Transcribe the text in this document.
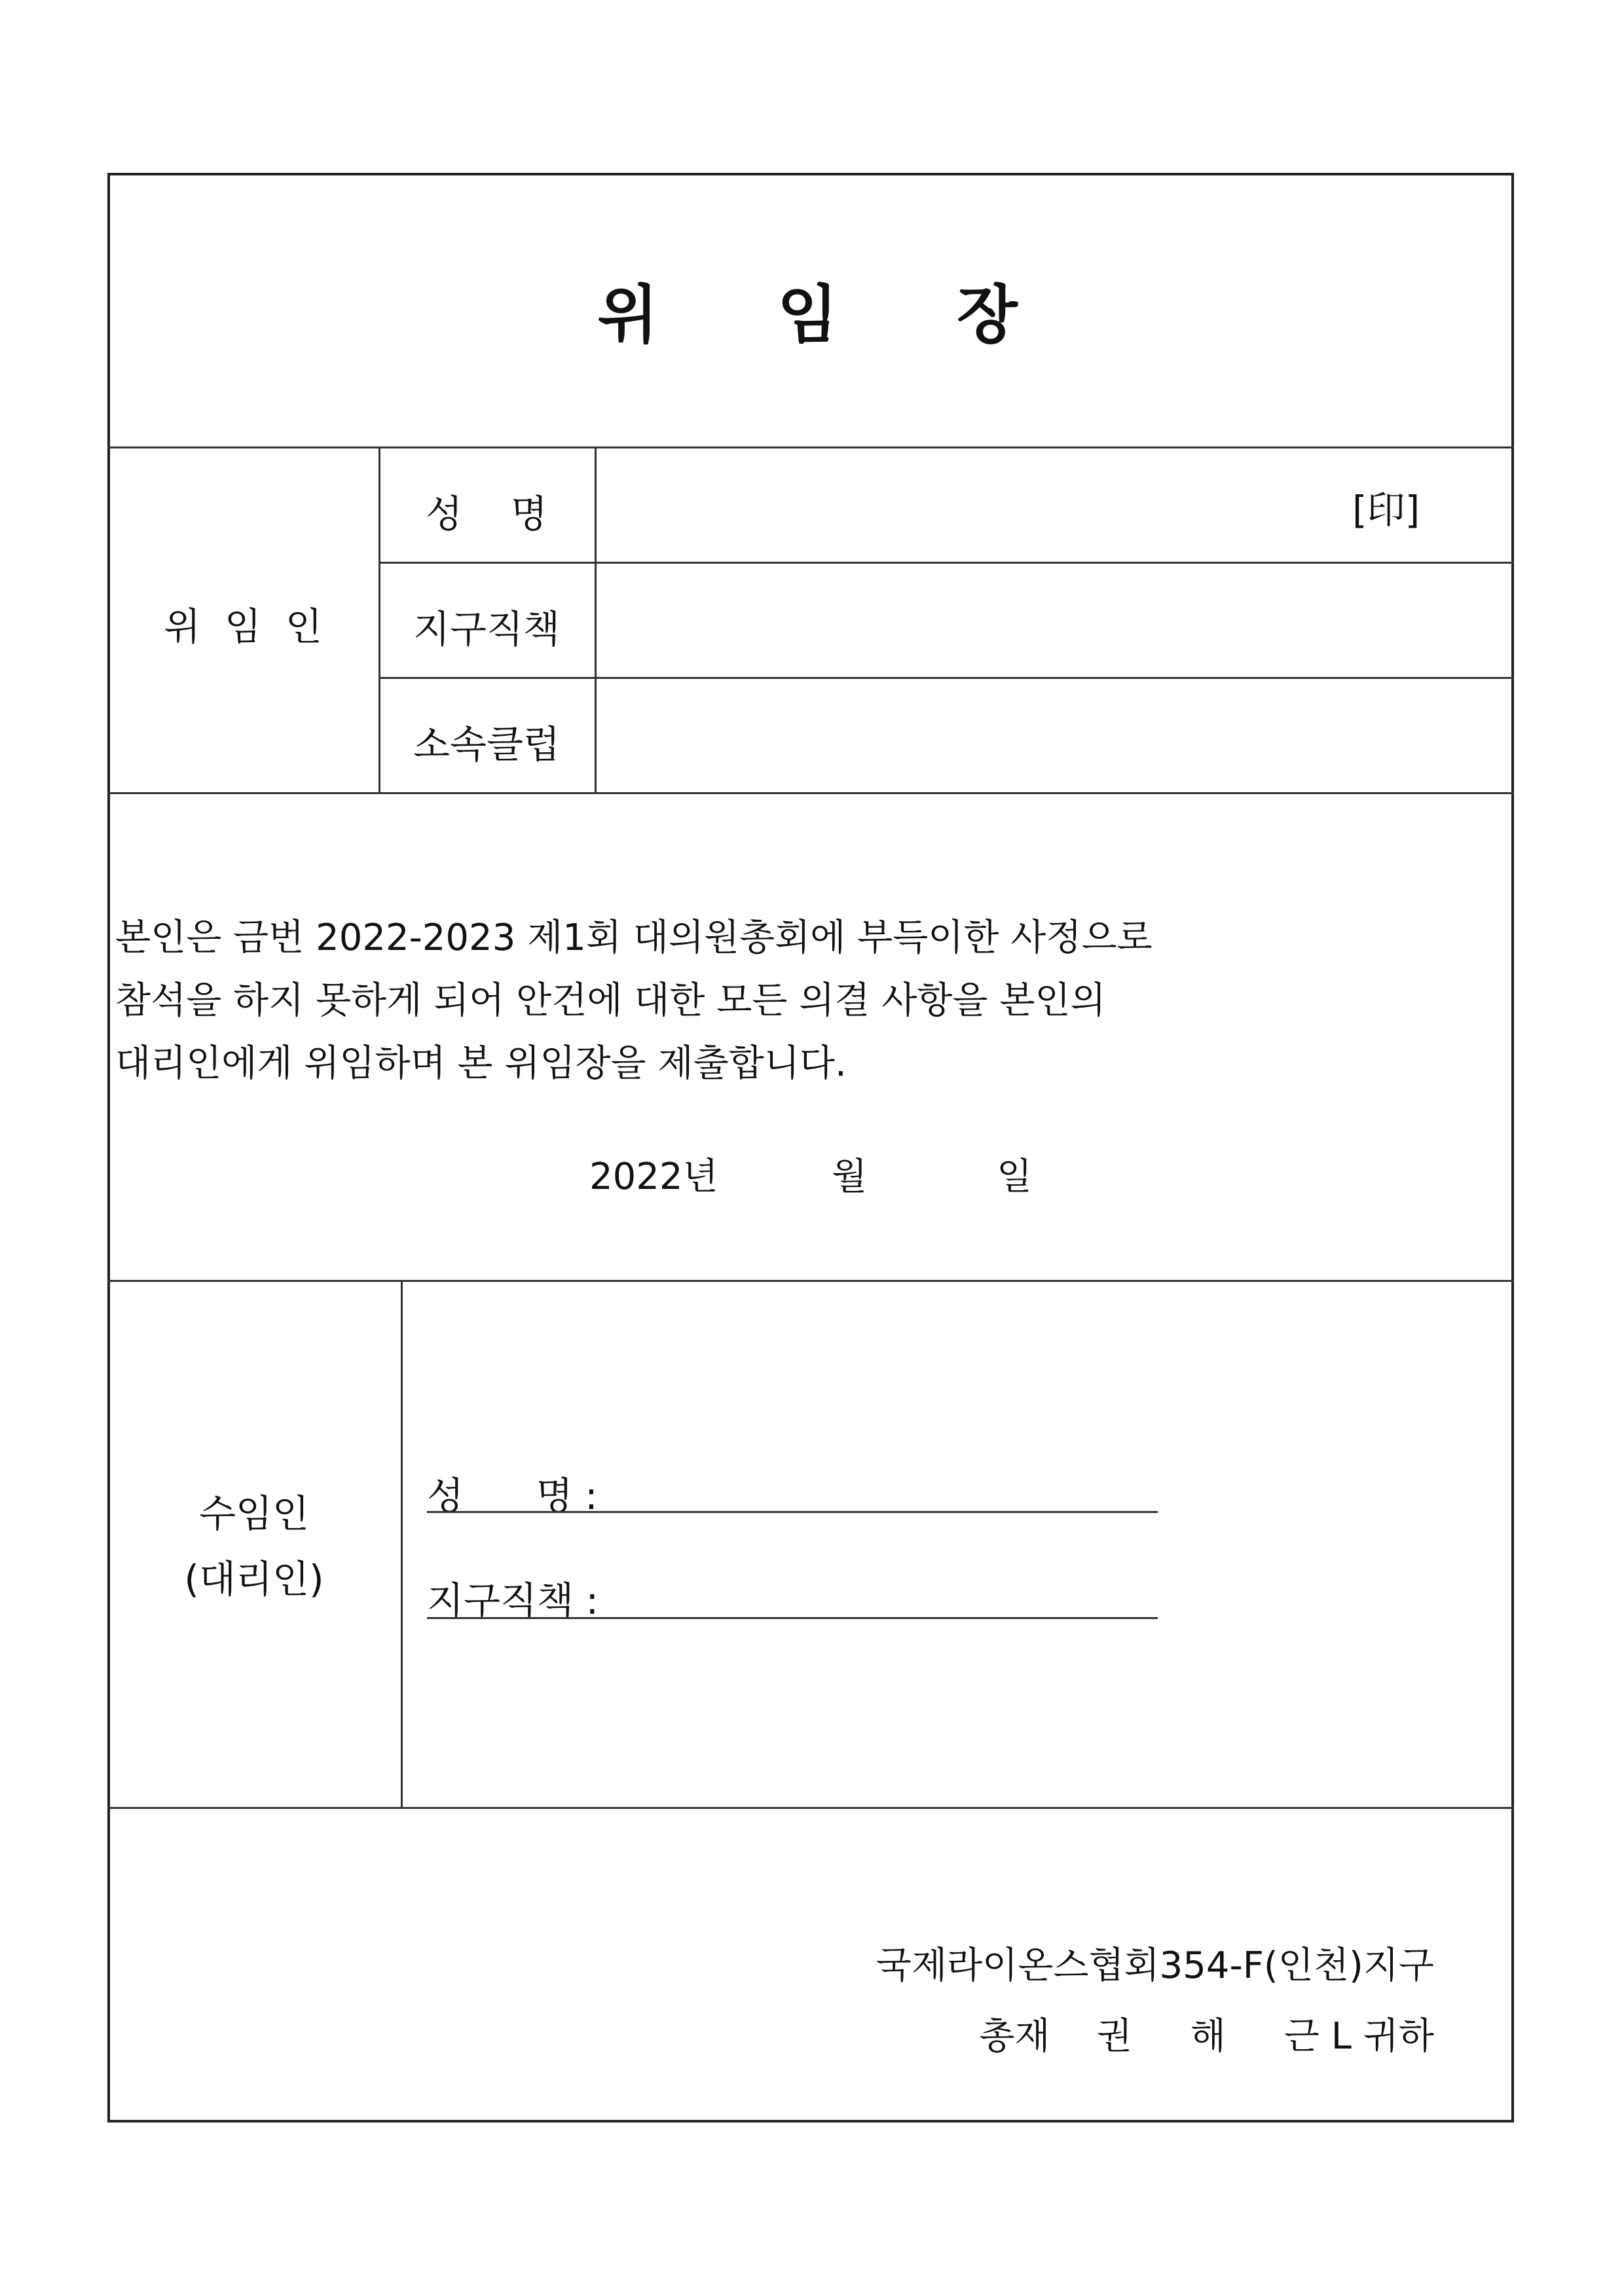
위    임    장
위  임  인
성    명	[印]
지구직책
소속클럽
본인은 금번 2022-2023 제1회 대의원총회에 부득이한 사정으로
참석을 하지 못하게 되어 안건에 대한 모든 의결 사항을 본인의
대리인에게 위임하며 본 위임장을 제출합니다.
2022년	월	일
수임인
(대리인)
성      명 :
지구직책 :
국제라이온스협회354-F(인천)지구
총재    권     해     근 L 귀하
